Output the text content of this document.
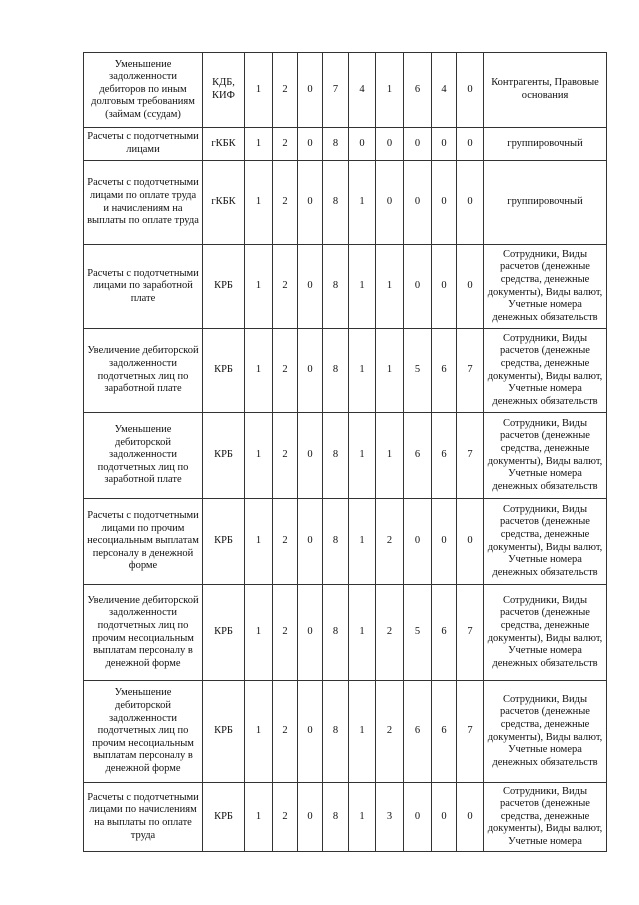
Уменьшение задолженности дебиторов по иным долговым требованиям (займам (ссудам)	КДБ, КИФ	1	2	0	7	4	1	6	4	0	Контрагенты, Правовые основания
Расчеты с подотчетными лицами	гКБК	1	2	0	8	0	0	0	0	0	группировочный
Расчеты с подотчетными лицами по оплате труда и начислениям на выплаты по оплате труда	гКБК	1	2	0	8	1	0	0	0	0	группировочный
Расчеты с подотчетными лицами по заработной плате	КРБ	1	2	0	8	1	1	0	0	0	Сотрудники, Виды расчетов (денежные средства, денежные документы), Виды валют, Учетные номера денежных обязательств
Увеличение дебиторской задолженности подотчетных лиц по заработной плате	КРБ	1	2	0	8	1	1	5	6	7	Сотрудники, Виды расчетов (денежные средства, денежные документы), Виды валют, Учетные номера денежных обязательств
Уменьшение дебиторской задолженности подотчетных лиц по заработной плате	КРБ	1	2	0	8	1	1	6	6	7	Сотрудники, Виды расчетов (денежные средства, денежные документы), Виды валют, Учетные номера денежных обязательств
Расчеты с подотчетными лицами по прочим несоциальным выплатам персоналу в денежной форме	КРБ	1	2	0	8	1	2	0	0	0	Сотрудники, Виды расчетов (денежные средства, денежные документы), Виды валют, Учетные номера денежных обязательств
Увеличение дебиторской задолженности подотчетных лиц по прочим несоциальным выплатам персоналу в денежной форме	КРБ	1	2	0	8	1	2	5	6	7	Сотрудники, Виды расчетов (денежные средства, денежные документы), Виды валют, Учетные номера денежных обязательств
Уменьшение дебиторской задолженности подотчетных лиц по прочим несоциальным выплатам персоналу в денежной форме	КРБ	1	2	0	8	1	2	6	6	7	Сотрудники, Виды расчетов (денежные средства, денежные документы), Виды валют, Учетные номера денежных обязательств
Расчеты с подотчетными лицами по начислениям на выплаты по оплате труда	КРБ	1	2	0	8	1	3	0	0	0	Сотрудники, Виды расчетов (денежные средства, денежные документы), Виды валют, Учетные номера
